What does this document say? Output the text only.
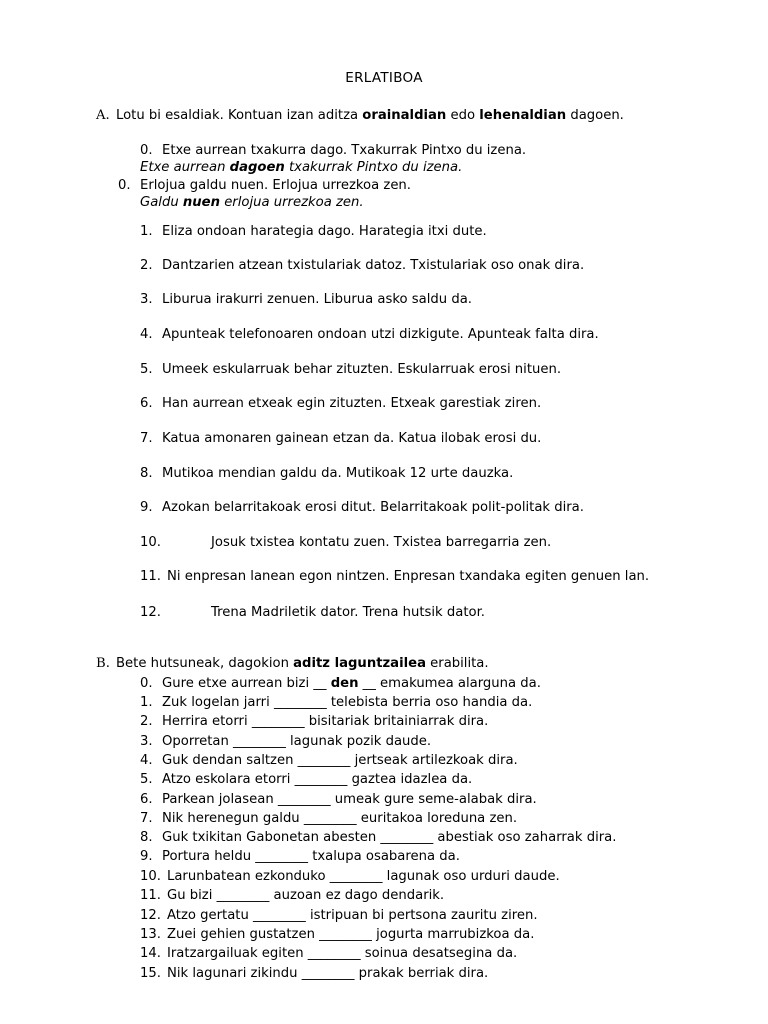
ERLATIBOA
A. Lotu bi esaldiak. Kontuan izan aditza orainaldian edo lehenaldian dagoen.
0. Etxe aurrean txakurra dago. Txakurrak Pintxo du izena.
Etxe aurrean dagoen txakurrak Pintxo du izena.
0. Erlojua galdu nuen. Erlojua urrezkoa zen.
Galdu nuen erlojua urrezkoa zen.
1. Eliza ondoan harategia dago. Harategia itxi dute.
2. Dantzarien atzean txistulariak datoz. Txistulariak oso onak dira.
3. Liburua irakurri zenuen. Liburua asko saldu da.
4. Apunteak telefonoaren ondoan utzi dizkigute. Apunteak falta dira.
5. Umeek eskularruak behar zituzten. Eskularruak erosi nituen.
6. Han aurrean etxeak egin zituzten. Etxeak garestiak ziren.
7. Katua amonaren gainean etzan da. Katua ilobak erosi du.
8. Mutikoa mendian galdu da. Mutikoak 12 urte dauzka.
9. Azokan belarritakoak erosi ditut. Belarritakoak polit-politak dira.
10.	Josuk txistea kontatu zuen. Txistea barregarria zen.
11. Ni enpresan lanean egon nintzen. Enpresan txandaka egiten genuen lan.
12.	Trena Madriletik dator. Trena hutsik dator.
B. Bete hutsuneak, dagokion aditz laguntzailea erabilita.
0. Gure etxe aurrean bizi __ den __ emakumea alarguna da.
1. Zuk logelan jarri ________ telebista berria oso handia da.
2. Herrira etorri ________ bisitariak britainiarrak dira.
3. Oporretan ________ lagunak pozik daude.
4. Guk dendan saltzen ________ jertseak artilezkoak dira.
5. Atzo eskolara etorri ________ gaztea idazlea da.
6. Parkean jolasean ________ umeak gure seme-alabak dira.
7. Nik herenegun galdu ________ euritakoa loreduna zen.
8. Guk txikitan Gabonetan abesten ________ abestiak oso zaharrak dira.
9. Portura heldu ________ txalupa osabarena da.
10. Larunbatean ezkonduko ________ lagunak oso urduri daude.
11. Gu bizi ________ auzoan ez dago dendarik.
12. Atzo gertatu ________ istripuan bi pertsona zauritu ziren.
13. Zuei gehien gustatzen ________ jogurta marrubizkoa da.
14. Iratzargailuak egiten ________ soinua desatsegina da.
15. Nik lagunari zikindu ________ prakak berriak dira.
